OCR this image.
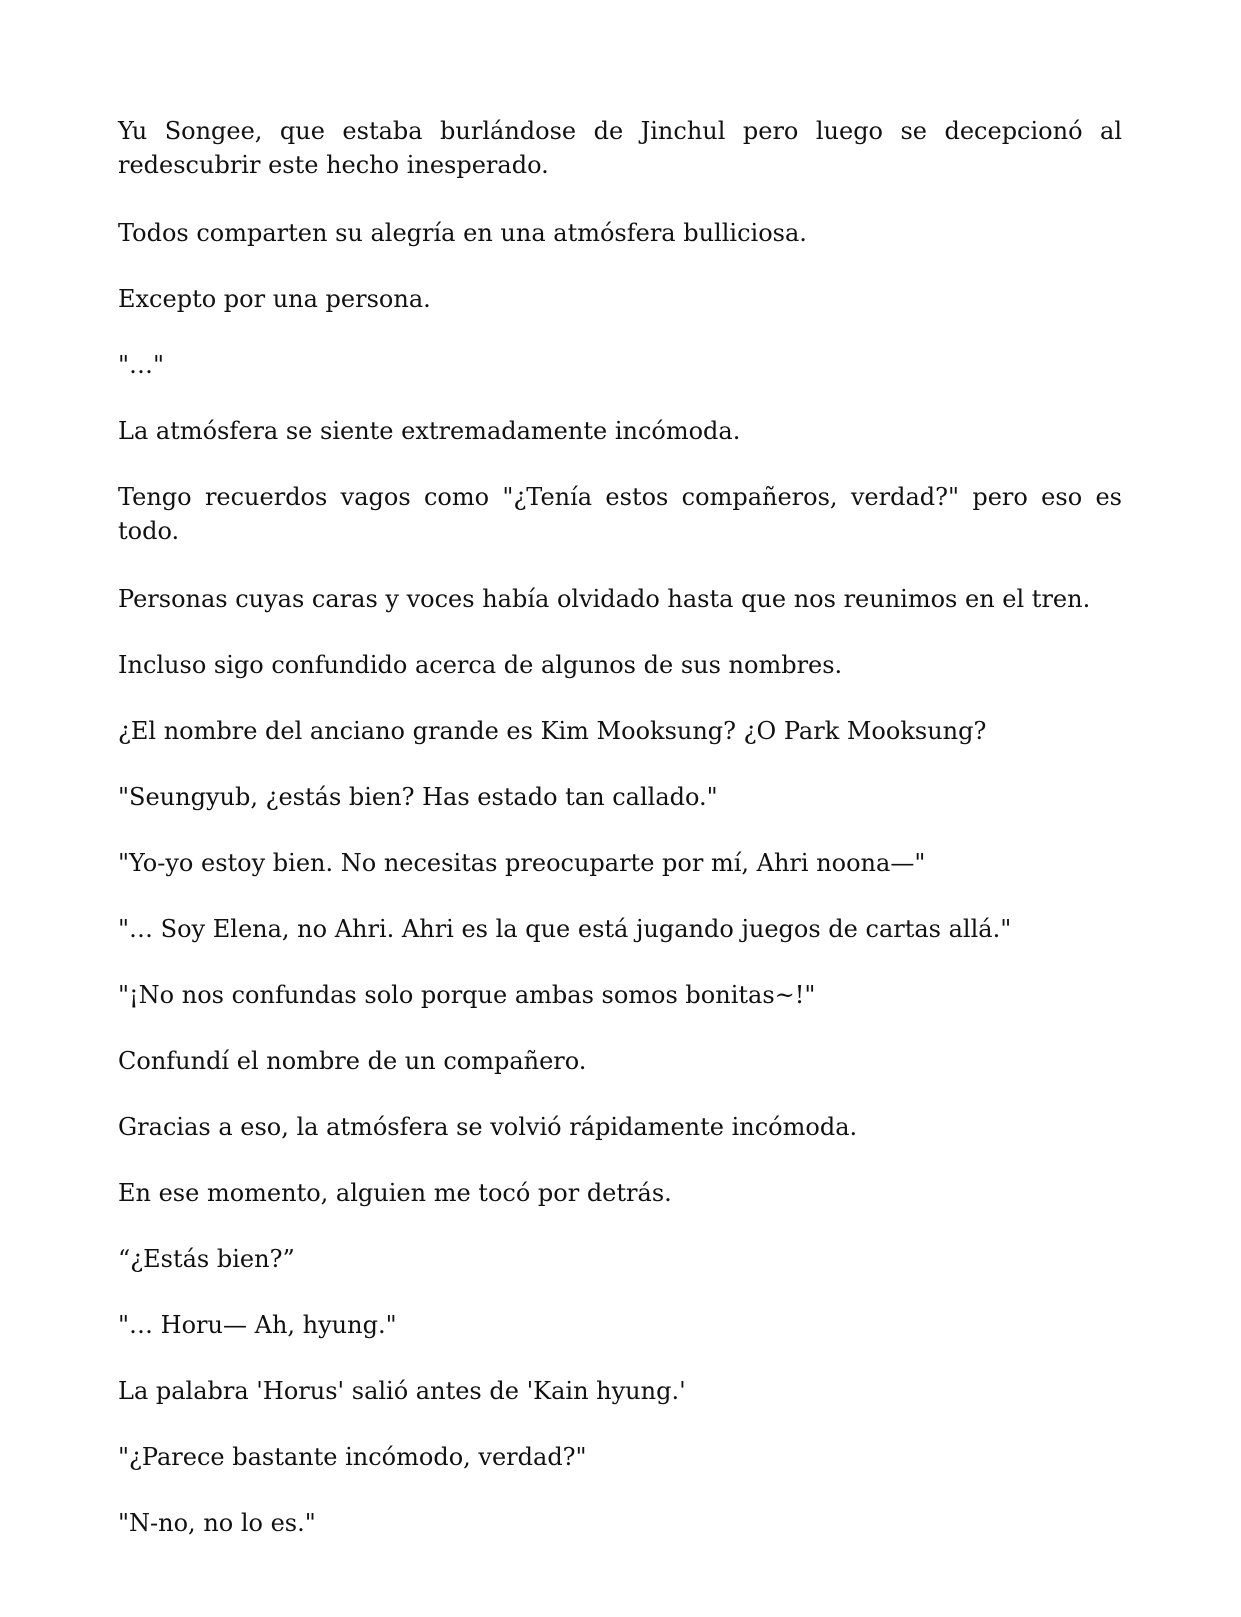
Yu Songee, que estaba burlándose de Jinchul pero luego se decepcionó al redescubrir este hecho inesperado.

Todos comparten su alegría en una atmósfera bulliciosa.

Excepto por una persona.

"…"

La atmósfera se siente extremadamente incómoda.

Tengo recuerdos vagos como "¿Tenía estos compañeros, verdad?" pero eso es todo.

Personas cuyas caras y voces había olvidado hasta que nos reunimos en el tren.

Incluso sigo confundido acerca de algunos de sus nombres.

¿El nombre del anciano grande es Kim Mooksung? ¿O Park Mooksung?

"Seungyub, ¿estás bien? Has estado tan callado."

"Yo-yo estoy bien. No necesitas preocuparte por mí, Ahri noona—"

"… Soy Elena, no Ahri. Ahri es la que está jugando juegos de cartas allá."

"¡No nos confundas solo porque ambas somos bonitas~!"

Confundí el nombre de un compañero.

Gracias a eso, la atmósfera se volvió rápidamente incómoda.

En ese momento, alguien me tocó por detrás.

“¿Estás bien?”

"… Horu— Ah, hyung."

La palabra 'Horus' salió antes de 'Kain hyung.'

"¿Parece bastante incómodo, verdad?"

"N-no, no lo es."
